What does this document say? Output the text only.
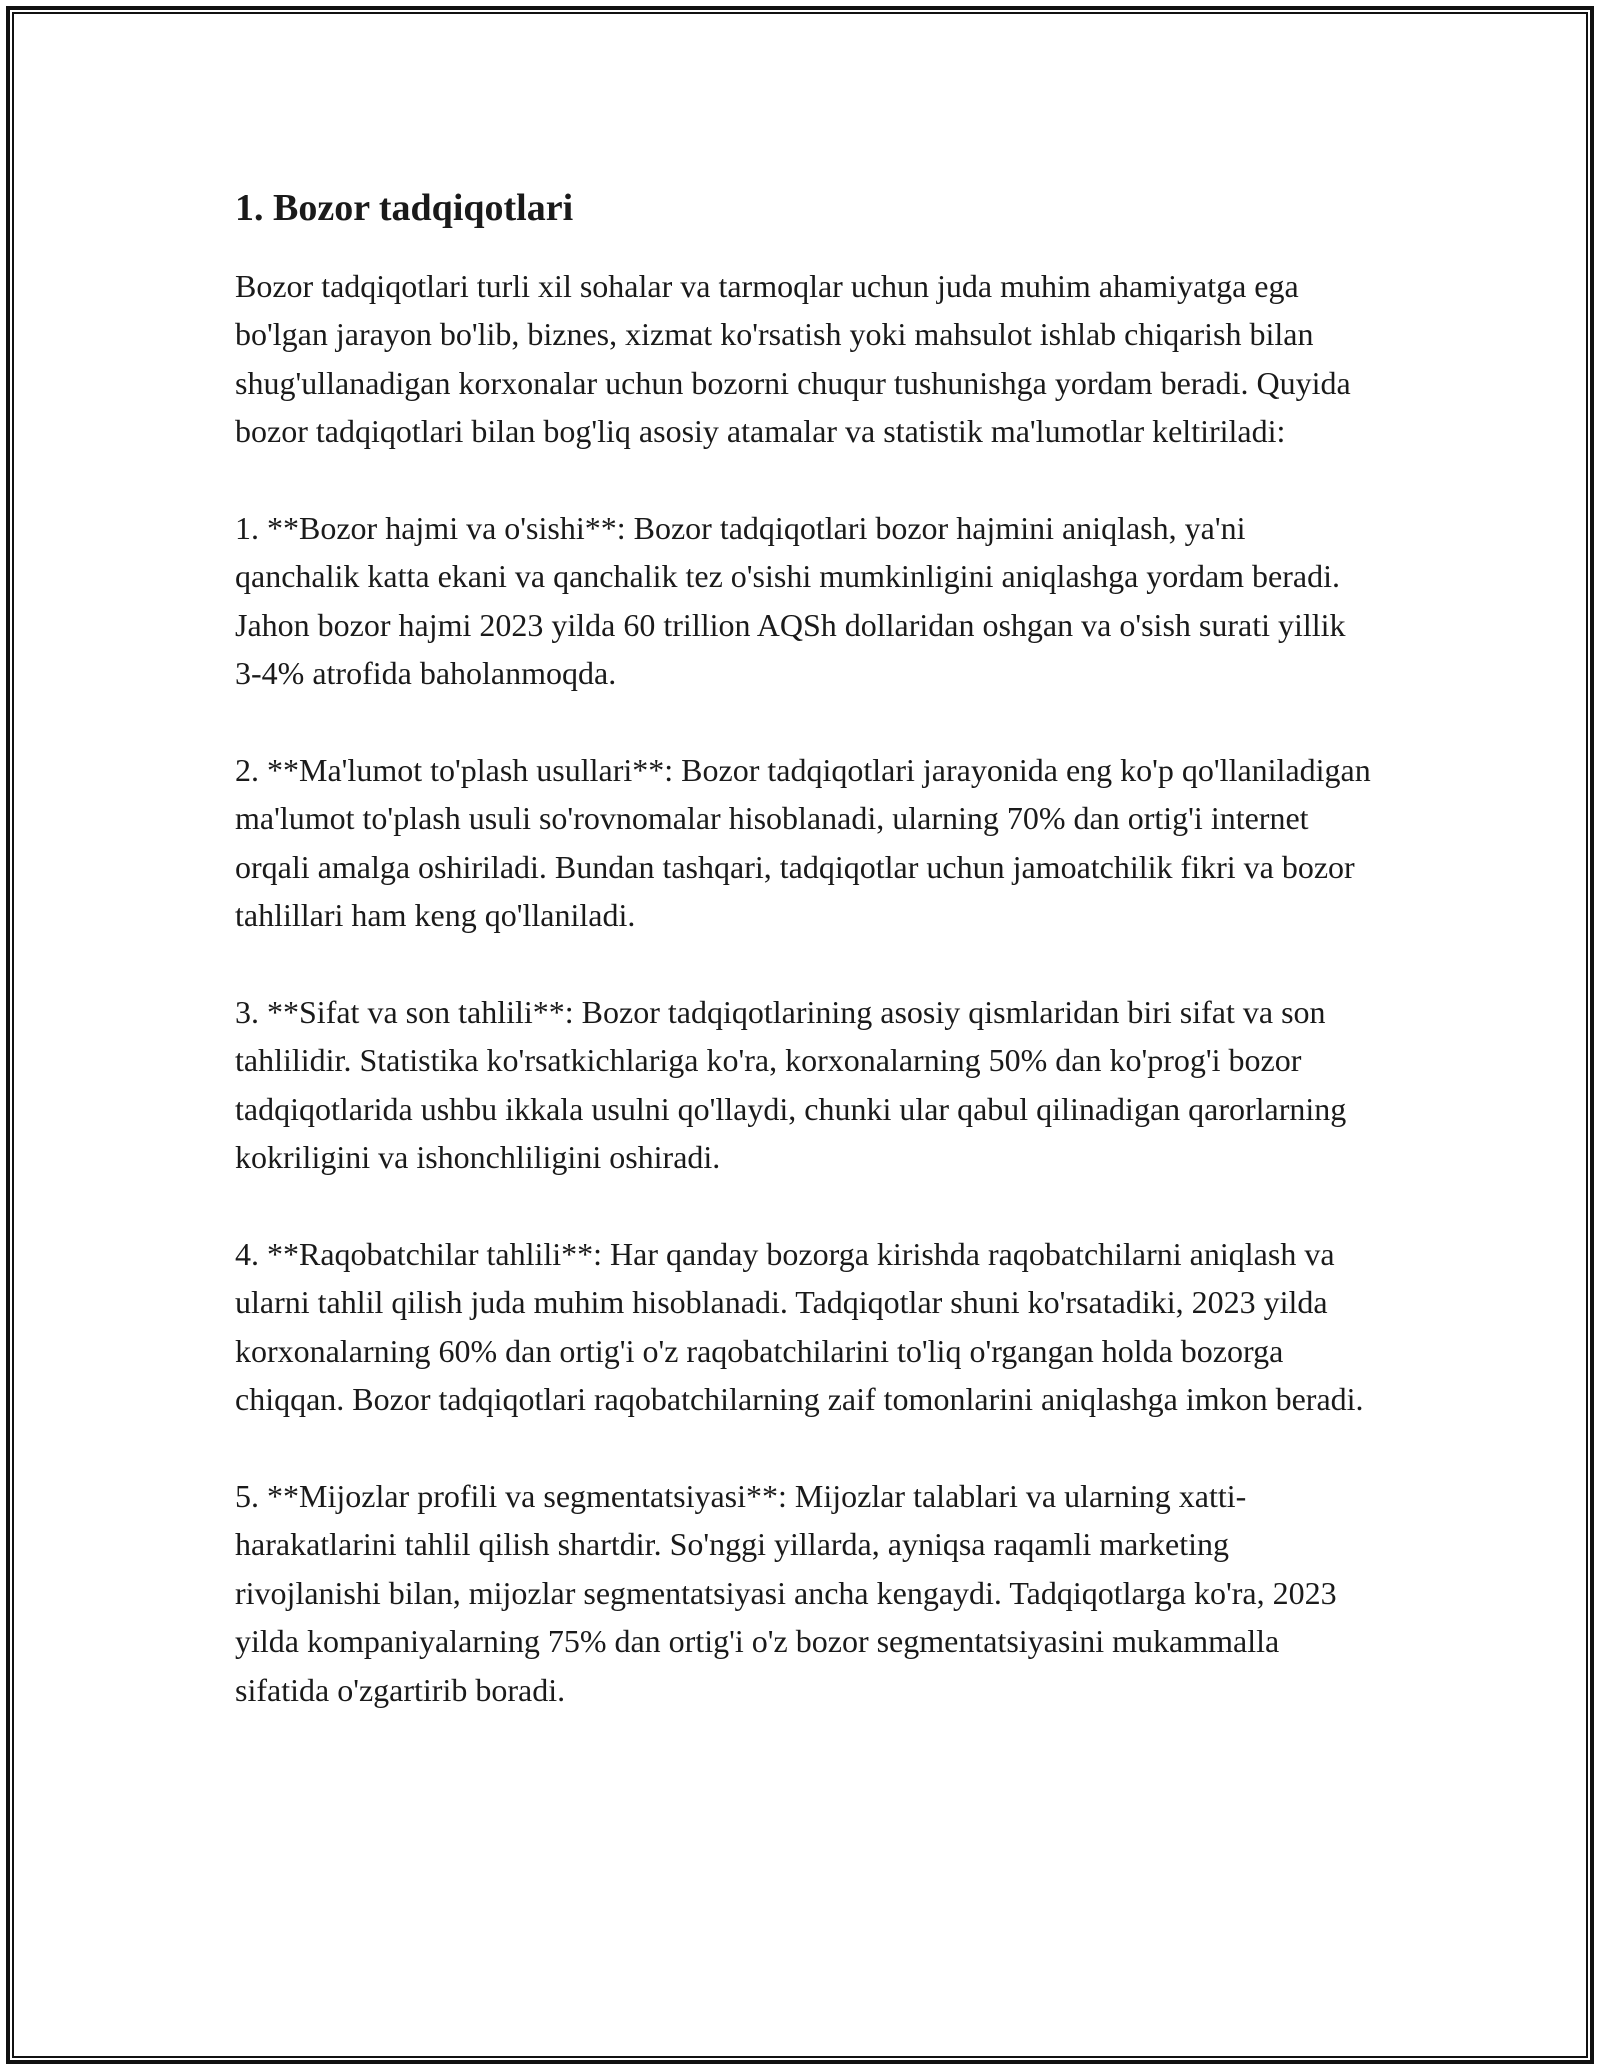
1. Bozor tadqiqotlari

Bozor tadqiqotlari turli xil sohalar va tarmoqlar uchun juda muhim ahamiyatga ega bo'lgan jarayon bo'lib, biznes, xizmat ko'rsatish yoki mahsulot ishlab chiqarish bilan shug'ullanadigan korxonalar uchun bozorni chuqur tushunishga yordam beradi. Quyida bozor tadqiqotlari bilan bog'liq asosiy atamalar va statistik ma'lumotlar keltiriladi:

1. **Bozor hajmi va o'sishi**: Bozor tadqiqotlari bozor hajmini aniqlash, ya'ni qanchalik katta ekani va qanchalik tez o'sishi mumkinligini aniqlashga yordam beradi. Jahon bozor hajmi 2023 yilda 60 trillion AQSh dollaridan oshgan va o'sish surati yillik 3-4% atrofida baholanmoqda.

2. **Ma'lumot to'plash usullari**: Bozor tadqiqotlari jarayonida eng ko'p qo'llaniladigan ma'lumot to'plash usuli so'rovnomalar hisoblanadi, ularning 70% dan ortig'i internet orqali amalga oshiriladi. Bundan tashqari, tadqiqotlar uchun jamoatchilik fikri va bozor tahlillari ham keng qo'llaniladi.

3. **Sifat va son tahlili**: Bozor tadqiqotlarining asosiy qismlaridan biri sifat va son tahlilidir. Statistika ko'rsatkichlariga ko'ra, korxonalarning 50% dan ko'prog'i bozor tadqiqotlarida ushbu ikkala usulni qo'llaydi, chunki ular qabul qilinadigan qarorlarning kokriligini va ishonchliligini oshiradi.

4. **Raqobatchilar tahlili**: Har qanday bozorga kirishda raqobatchilarni aniqlash va ularni tahlil qilish juda muhim hisoblanadi. Tadqiqotlar shuni ko'rsatadiki, 2023 yilda korxonalarning 60% dan ortig'i o'z raqobatchilarini to'liq o'rgangan holda bozorga chiqqan. Bozor tadqiqotlari raqobatchilarning zaif tomonlarini aniqlashga imkon beradi.

5. **Mijozlar profili va segmentatsiyasi**: Mijozlar talablari va ularning xatti-harakatlarini tahlil qilish shartdir. So'nggi yillarda, ayniqsa raqamli marketing rivojlanishi bilan, mijozlar segmentatsiyasi ancha kengaydi. Tadqiqotlarga ko'ra, 2023 yilda kompaniyalarning 75% dan ortig'i o'z bozor segmentatsiyasini mukammalla sifatida o'zgartirib boradi.
